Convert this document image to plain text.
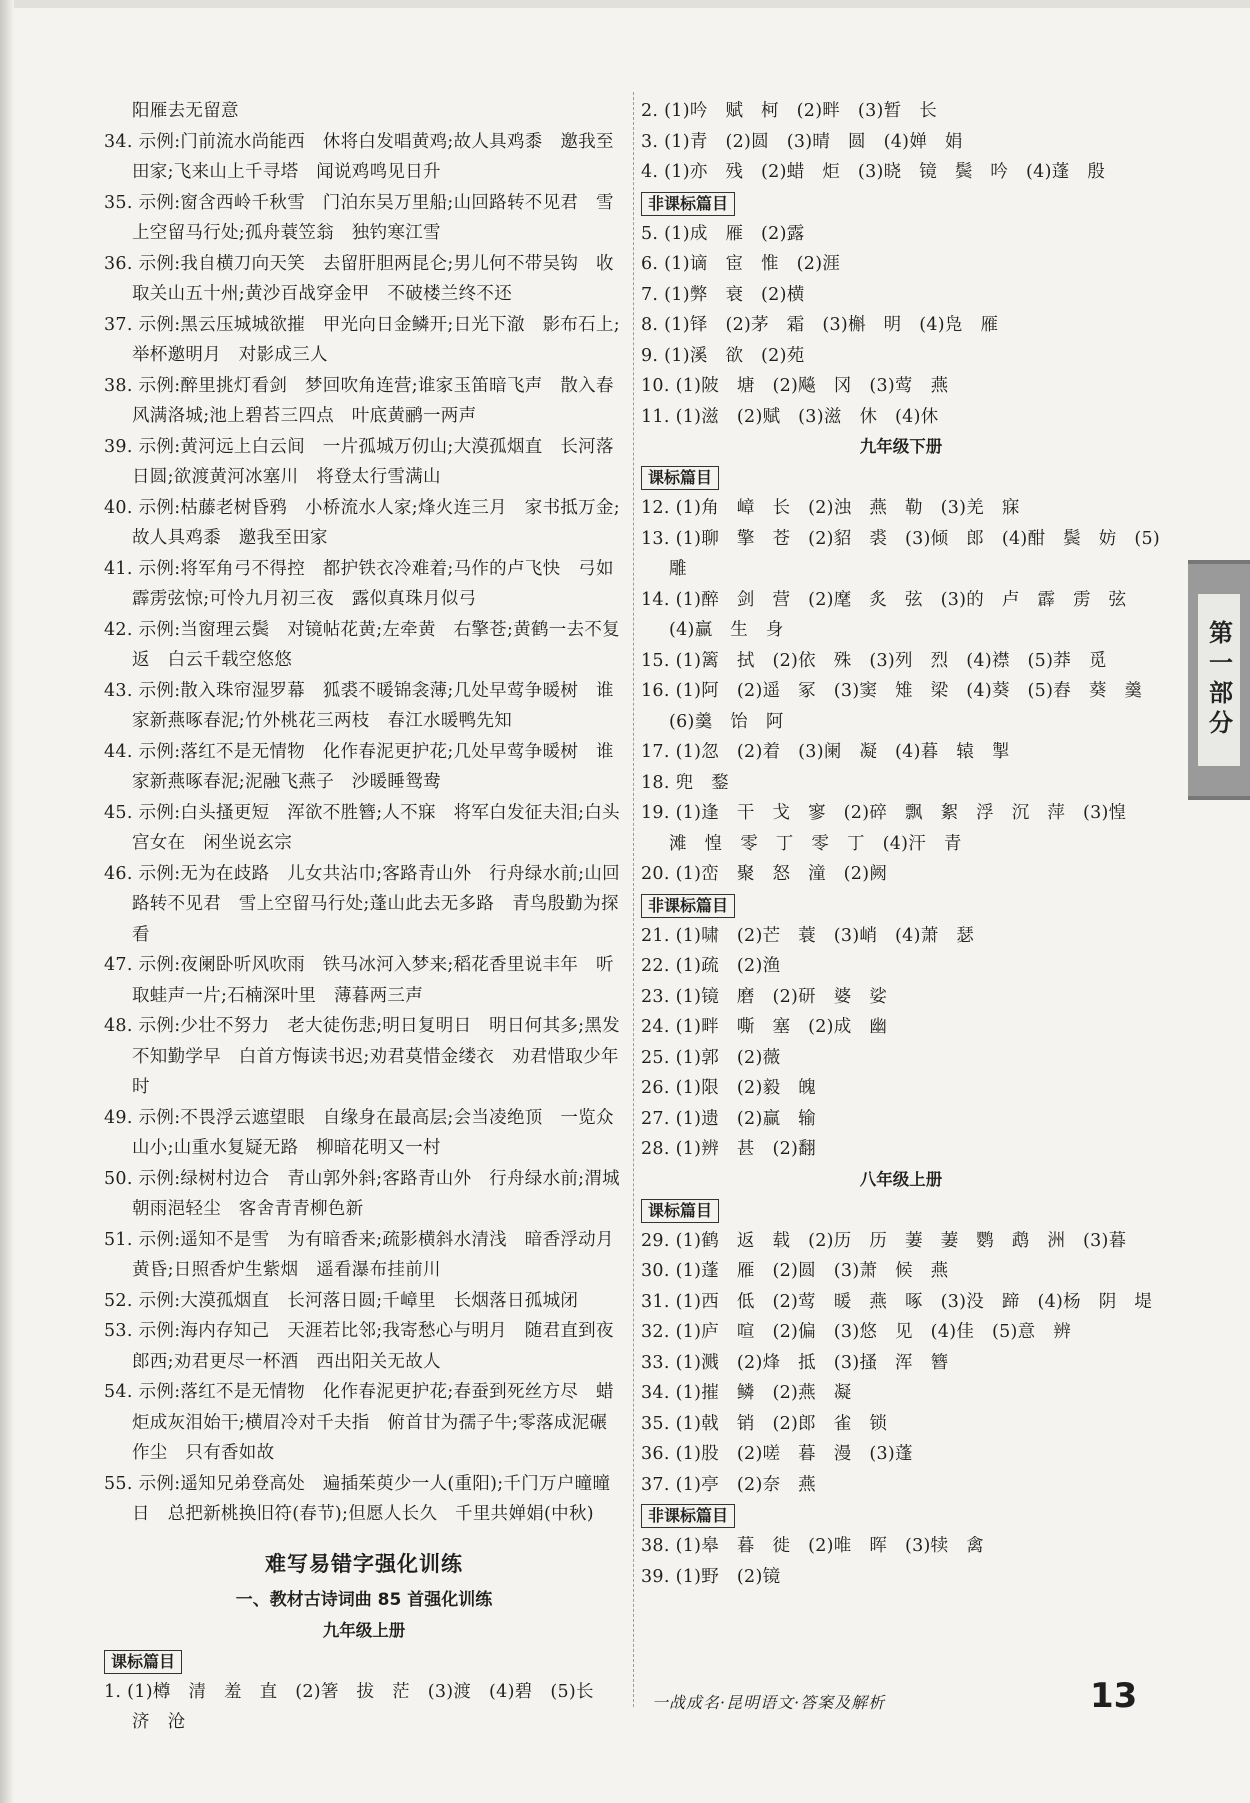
阳雁去无留意
34. 示例:门前流水尚能西　休将白发唱黄鸡;故人具鸡黍　邀我至田家;飞来山上千寻塔　闻说鸡鸣见日升
35. 示例:窗含西岭千秋雪　门泊东吴万里船;山回路转不见君　雪上空留马行处;孤舟蓑笠翁　独钓寒江雪
36. 示例:我自横刀向天笑　去留肝胆两昆仑;男儿何不带吴钩　收取关山五十州;黄沙百战穿金甲　不破楼兰终不还
37. 示例:黑云压城城欲摧　甲光向日金鳞开;日光下澈　影布石上;举杯邀明月　对影成三人
38. 示例:醉里挑灯看剑　梦回吹角连营;谁家玉笛暗飞声　散入春风满洛城;池上碧苔三四点　叶底黄鹂一两声
39. 示例:黄河远上白云间　一片孤城万仞山;大漠孤烟直　长河落日圆;欲渡黄河冰塞川　将登太行雪满山
40. 示例:枯藤老树昏鸦　小桥流水人家;烽火连三月　家书抵万金;故人具鸡黍　邀我至田家
41. 示例:将军角弓不得控　都护铁衣冷难着;马作的卢飞快　弓如霹雳弦惊;可怜九月初三夜　露似真珠月似弓
42. 示例:当窗理云鬓　对镜帖花黄;左牵黄　右擎苍;黄鹤一去不复返　白云千载空悠悠
43. 示例:散入珠帘湿罗幕　狐裘不暖锦衾薄;几处早莺争暖树　谁家新燕啄春泥;竹外桃花三两枝　春江水暖鸭先知
44. 示例:落红不是无情物　化作春泥更护花;几处早莺争暖树　谁家新燕啄春泥;泥融飞燕子　沙暖睡鸳鸯
45. 示例:白头搔更短　浑欲不胜簪;人不寐　将军白发征夫泪;白头宫女在　闲坐说玄宗
46. 示例:无为在歧路　儿女共沾巾;客路青山外　行舟绿水前;山回路转不见君　雪上空留马行处;蓬山此去无多路　青鸟殷勤为探看
47. 示例:夜阑卧听风吹雨　铁马冰河入梦来;稻花香里说丰年　听取蛙声一片;石楠深叶里　薄暮两三声
48. 示例:少壮不努力　老大徒伤悲;明日复明日　明日何其多;黑发不知勤学早　白首方悔读书迟;劝君莫惜金缕衣　劝君惜取少年时
49. 示例:不畏浮云遮望眼　自缘身在最高层;会当凌绝顶　一览众山小;山重水复疑无路　柳暗花明又一村
50. 示例:绿树村边合　青山郭外斜;客路青山外　行舟绿水前;渭城朝雨浥轻尘　客舍青青柳色新
51. 示例:遥知不是雪　为有暗香来;疏影横斜水清浅　暗香浮动月黄昏;日照香炉生紫烟　遥看瀑布挂前川
52. 示例:大漠孤烟直　长河落日圆;千嶂里　长烟落日孤城闭
53. 示例:海内存知己　天涯若比邻;我寄愁心与明月　随君直到夜郎西;劝君更尽一杯酒　西出阳关无故人
54. 示例:落红不是无情物　化作春泥更护花;春蚕到死丝方尽　蜡炬成灰泪始干;横眉冷对千夫指　俯首甘为孺子牛;零落成泥碾作尘　只有香如故
55. 示例:遥知兄弟登高处　遍插茱萸少一人(重阳);千门万户曈曈日　总把新桃换旧符(春节);但愿人长久　千里共婵娟(中秋)
难写易错字强化训练
一、教材古诗词曲 85 首强化训练
九年级上册
课标篇目
1. (1)樽　清　羞　直　(2)箸　拔　茫　(3)渡　(4)碧　(5)长　济　沧
2. (1)吟　赋　柯　(2)畔　(3)暂　长
3. (1)青　(2)圆　(3)晴　圆　(4)婵　娟
4. (1)亦　残　(2)蜡　炬　(3)晓　镜　鬓　吟　(4)蓬　殷
非课标篇目
5. (1)成　雁　(2)露
6. (1)谪　宦　惟　(2)涯
7. (1)弊　衰　(2)横
8. (1)铎　(2)茅　霜　(3)槲　明　(4)凫　雁
9. (1)溪　欲　(2)苑
10. (1)陂　塘　(2)飚　冈　(3)莺　燕
11. (1)滋　(2)赋　(3)滋　休　(4)休
九年级下册
课标篇目
12. (1)角　嶂　长　(2)浊　燕　勒　(3)羌　寐
13. (1)聊　擎　苍　(2)貂　裘　(3)倾　郎　(4)酣　鬓　妨　(5)雕
14. (1)醉　剑　营　(2)麾　炙　弦　(3)的　卢　霹　雳　弦　(4)赢　生　身
15. (1)篱　拭　(2)依　殊　(3)列　烈　(4)襟　(5)莽　觅
16. (1)阿　(2)遥　冢　(3)窦　雉　梁　(4)葵　(5)舂　葵　羹　(6)羹　饴　阿
17. (1)忽　(2)着　(3)阑　凝　(4)暮　辕　掣
18. 兜　鍪
19. (1)逢　干　戈　寥　(2)碎　飘　絮　浮　沉　萍　(3)惶　滩　惶　零　丁　零　丁　(4)汗　青
20. (1)峦　聚　怒　潼　(2)阙
非课标篇目
21. (1)啸　(2)芒　蓑　(3)峭　(4)萧　瑟
22. (1)疏　(2)渔
23. (1)镜　磨　(2)研　婆　娑
24. (1)畔　嘶　塞　(2)成　幽
25. (1)郭　(2)薇
26. (1)限　(2)毅　魄
27. (1)遗　(2)赢　输
28. (1)辨　甚　(2)翻
八年级上册
课标篇目
29. (1)鹤　返　载　(2)历　历　萋　萋　鹦　鹉　洲　(3)暮
30. (1)蓬　雁　(2)圆　(3)萧　候　燕
31. (1)西　低　(2)莺　暖　燕　啄　(3)没　蹄　(4)杨　阴　堤
32. (1)庐　喧　(2)偏　(3)悠　见　(4)佳　(5)意　辨
33. (1)溅　(2)烽　抵　(3)搔　浑　簪
34. (1)摧　鳞　(2)燕　凝
35. (1)戟　销　(2)郎　雀　锁
36. (1)股　(2)嗟　暮　漫　(3)蓬
37. (1)亭　(2)奈　燕
非课标篇目
38. (1)皋　暮　徙　(2)唯　晖　(3)犊　禽
39. (1)野　(2)镜
第一部分
一战成名·昆明语文·答案及解析	13
